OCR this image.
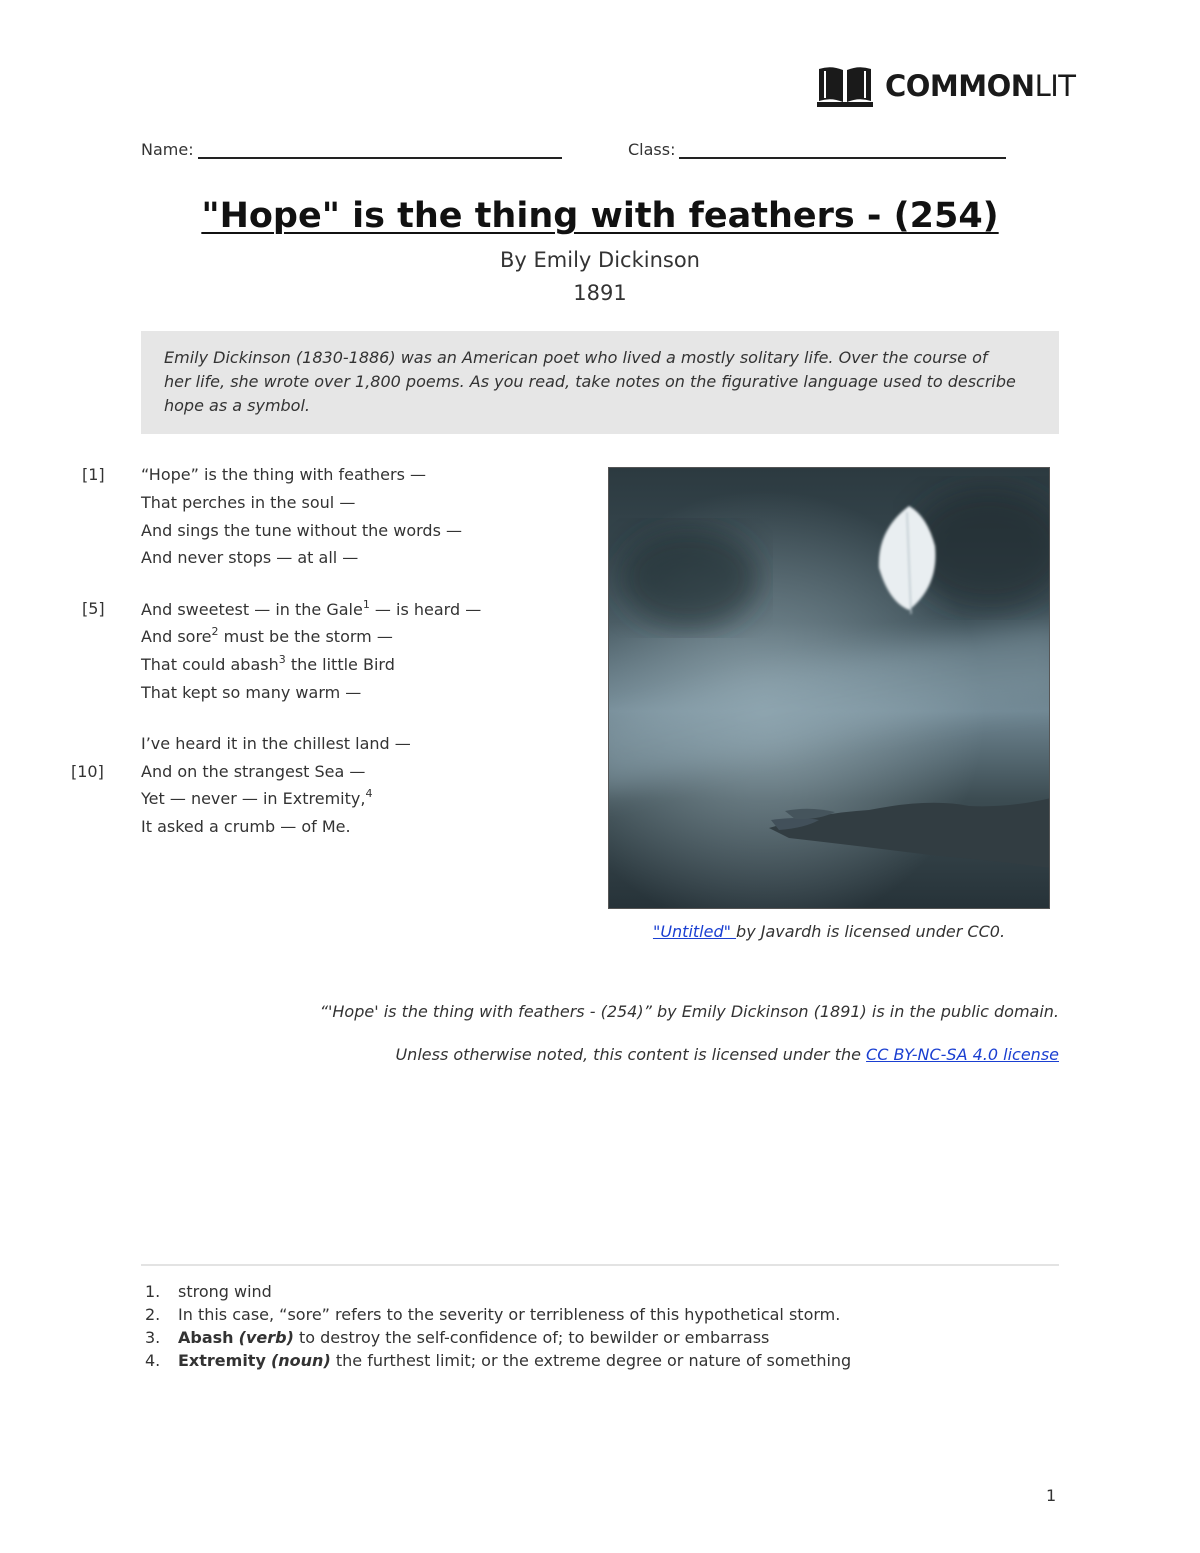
COMMONLIT
Name:	Class:
"Hope" is the thing with feathers - (254)
By Emily Dickinson
1891
Emily Dickinson (1830-1886) was an American poet who lived a mostly solitary life. Over the course of her life, she wrote over 1,800 poems. As you read, take notes on the figurative language used to describe hope as a symbol.
[1]
[5]
[10]
“Hope” is the thing with feathers —
That perches in the soul —
And sings the tune without the words —
And never stops — at all —
And sweetest — in the Gale$^1$ — is heard —
And sore$^2$ must be the storm —
That could abash$^3$ the little Bird
That kept so many warm —
I’ve heard it in the chillest land —
And on the strangest Sea —
Yet — never — in Extremity,$^4$
It asked a crumb — of Me.
"Untitled" by Javardh is licensed under CC0.
“'Hope' is the thing with feathers - (254)” by Emily Dickinson (1891) is in the public domain.
Unless otherwise noted, this content is licensed under the CC BY-NC-SA 4.0 license
1. strong wind
2. In this case, “sore” refers to the severity or terribleness of this hypothetical storm.
3. Abash (verb) to destroy the self-confidence of; to bewilder or embarrass
4. Extremity (noun) the furthest limit; or the extreme degree or nature of something
1
